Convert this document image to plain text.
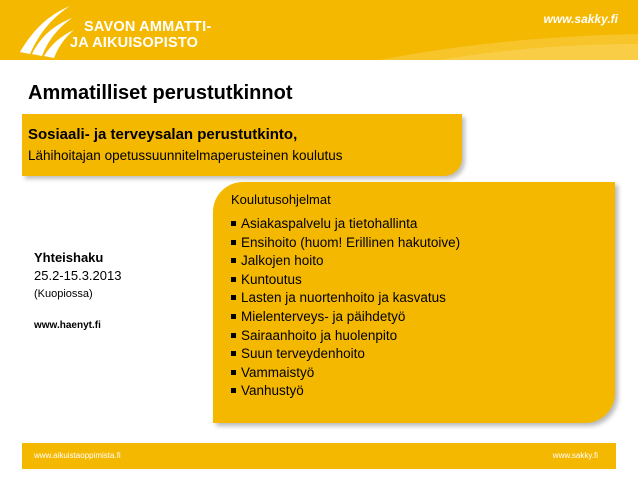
SAVON AMMATTI-
JA AIKUISOPISTO
www.sakky.fi
Ammatilliset perustutkinnot
Sosiaali- ja terveysalan perustutkinto,
Lähihoitajan opetussuunnitelmaperusteinen koulutus
Yhteishaku
25.2-15.3.2013
(Kuopiossa)
www.haenyt.fi
Koulutusohjelmat
Asiakaspalvelu ja tietohallinta
Ensihoito (huom! Erillinen hakutoive)
Jalkojen hoito
Kuntoutus
Lasten ja nuortenhoito ja kasvatus
Mielenterveys- ja päihdetyö
Sairaanhoito ja huolenpito
Suun terveydenhoito
Vammaistyö
Vanhustyö
www.aikuistaoppimista.fi	www.sakky.fi
